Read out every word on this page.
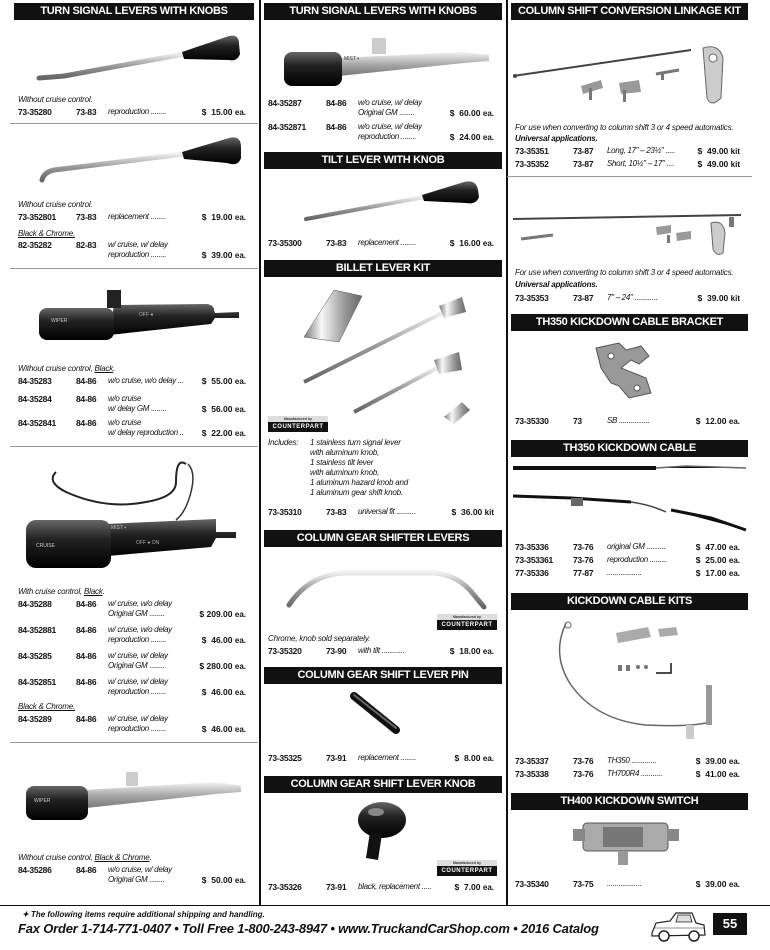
TURN SIGNAL LEVERS WITH KNOBS
Without cruise control.
73-35280	73-83 reproduction ........	$  15.00 ea.
Without cruise control.
73-352801 73-83 replacement ........	$  19.00 ea.
Black & Chrome.
82-35282	82-83 w/ cruise, w/ delay
reproduction ........	$  39.00 ea.
WIPER
OFF ●
Without cruise control, Black.
84-35283	84-86 w/o cruise, w/o delay ... $  55.00 ea.
84-35284	84-86 w/o cruise
w/ delay GM ........	$  56.00 ea.
84-352841 84-86 w/o cruise
w/ delay reproduction .. $  22.00 ea.
MIST ▪
CRUISE	OFF ● ON
With cruise control, Black.
84-35288	84-86 w/ cruise, w/o delay
Original GM ........	$ 209.00 ea.
84-352881 84-86 w/ cruise, w/o delay
reproduction ........	$  46.00 ea.
84-35285	84-86 w/ cruise, w/ delay
Original GM ........	$ 280.00 ea.
84-352851 84-86 w/ cruise, w/ delay
reproduction ........	$  46.00 ea.
Black & Chrome.
84-35289	84-86 w/ cruise, w/ delay
reproduction ........	$  46.00 ea.
WIPER
Without cruise control, Black & Chrome.
84-35286	84-86 w/o cruise, w/ delay
Original GM ........	$  50.00 ea.
TURN SIGNAL LEVERS WITH KNOBS
MIST ▪
84-35287	84-86 w/o cruise, w/ delay
Original GM ........	$  60.00 ea.
84-352871 84-86 w/o cruise, w/ delay
reproduction ........	$  24.00 ea.
TILT LEVER WITH KNOB
73-35300	73-83 replacement ........	$  16.00 ea.
BILLET LEVER KIT
Manufactured by
COUNTERPART
Includes: 1 stainless turn signal lever
with aluminum knob,
1 stainless tilt lever
with aluminum knob,
1 aluminum hazard knob and
1 aluminum gear shift knob.
73-35310	73-83 universal fit ..........	$  36.00 kit
COLUMN GEAR SHIFTER LEVERS
Manufactured by
COUNTERPART
Chrome, knob sold separately.
73-35320	73-90 with tilt ............	$  18.00 ea.
COLUMN GEAR SHIFT LEVER PIN
73-35325	73-91 replacement ........	$  8.00 ea.
COLUMN GEAR SHIFT LEVER KNOB
Manufactured by
COUNTERPART
73-35326	73-91 black, replacement .....	$  7.00 ea.
COLUMN SHIFT CONVERSION LINKAGE KIT
For use when converting to column shift 3 or 4 speed automatics.
Universal applications.
73-35351	73-87 Long, 17" – 23½" .....	$  49.00 kit
73-35352	73-87 Short, 10½" – 17" ....	$  49.00 kit
For use when converting to column shift 3 or 4 speed automatics.
Universal applications.
73-35353	73-87 7" – 24" ............	$  39.00 kit
TH350 KICKDOWN CABLE BRACKET
73-35330	73	SB ................	$  12.00 ea.
TH350 KICKDOWN CABLE
73-35336	73-76 original GM ..........	$  47.00 ea.
73-353361 73-76 reproduction .........	$  25.00 ea.
77-35336	77-87 ..................	$  17.00 ea.
KICKDOWN CABLE KITS
73-35337	73-76 TH350 .............	$  39.00 ea.
73-35338	73-76 TH700R4 ...........	$  41.00 ea.
TH400 KICKDOWN SWITCH
73-35340	73-75 ..................	$  39.00 ea.
✦ The following items require additional shipping and handling.
Fax Order 1-714-771-0407 • Toll Free 1-800-243-8947 • www.TruckandCarShop.com • 2016 Catalog	55
